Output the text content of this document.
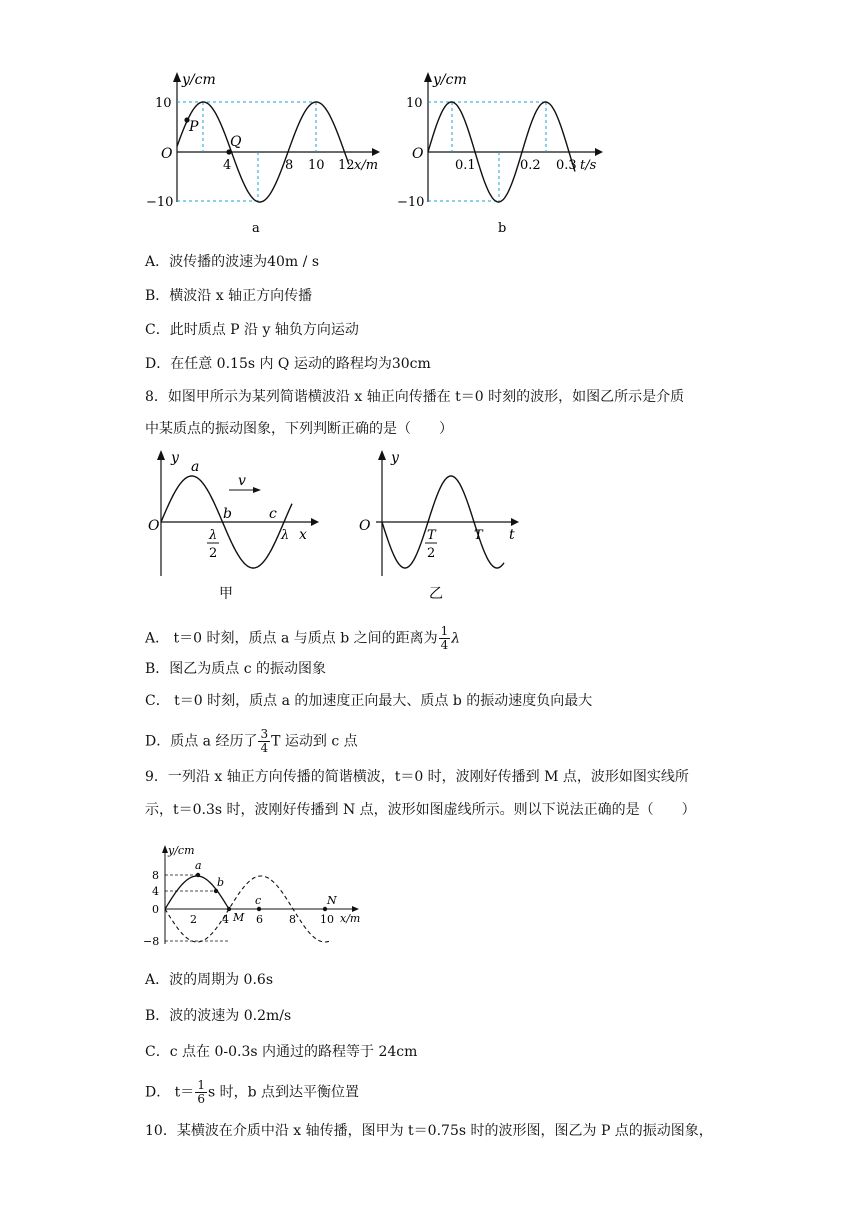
y/cm
10
−10
O
P
Q
4	8 10 12 x/m
a
y/cm
10
−10
O
0.1	0.2 0.3 t/s
b
A．波传播的波速为40m / s
B．横波沿 x 轴正方向传播
C．此时质点 P 沿 y 轴负方向运动
D．在任意 0.15s 内 Q 运动的路程均为30cm
8．如图甲所示为某列简谐横波沿 x 轴正向传播在 t＝0 时刻的波形，如图乙所示是介质
中某质点的振动图象，下列判断正确的是（　　）
y
a
v
b	c
O
λ
2
λ x
甲
y
O
T
2
T t
乙
A． t＝0 时刻，质点 a 与质点 b 之间的距离为 $\frac{1}{4}$ λ
B．图乙为质点 c 的振动图象
C． t＝0 时刻，质点 a 的加速度正向最大、质点 b 的振动速度负向最大
D．质点 a 经历了 $\frac{3}{4}$ T 运动到 c 点
9．一列沿 x 轴正方向传播的简谐横波，t＝0 时，波刚好传播到 M 点，波形如图实线所
示，t＝0.3s 时，波刚好传播到 N 点，波形如图虚线所示。则以下说法正确的是（　　）
y/cm
8
4
0
−8
a
b
c
M
N
2 4 6 8 10 x/m
A．波的周期为 0.6s
B．波的波速为 0.2m/s
C．c 点在 0-0.3s 内通过的路程等于 24cm
D． $t= \frac{1}{6}$ s 时，b 点到达平衡位置
10．某横波在介质中沿 x 轴传播，图甲为 t＝0.75s 时的波形图，图乙为 P 点的振动图象，
